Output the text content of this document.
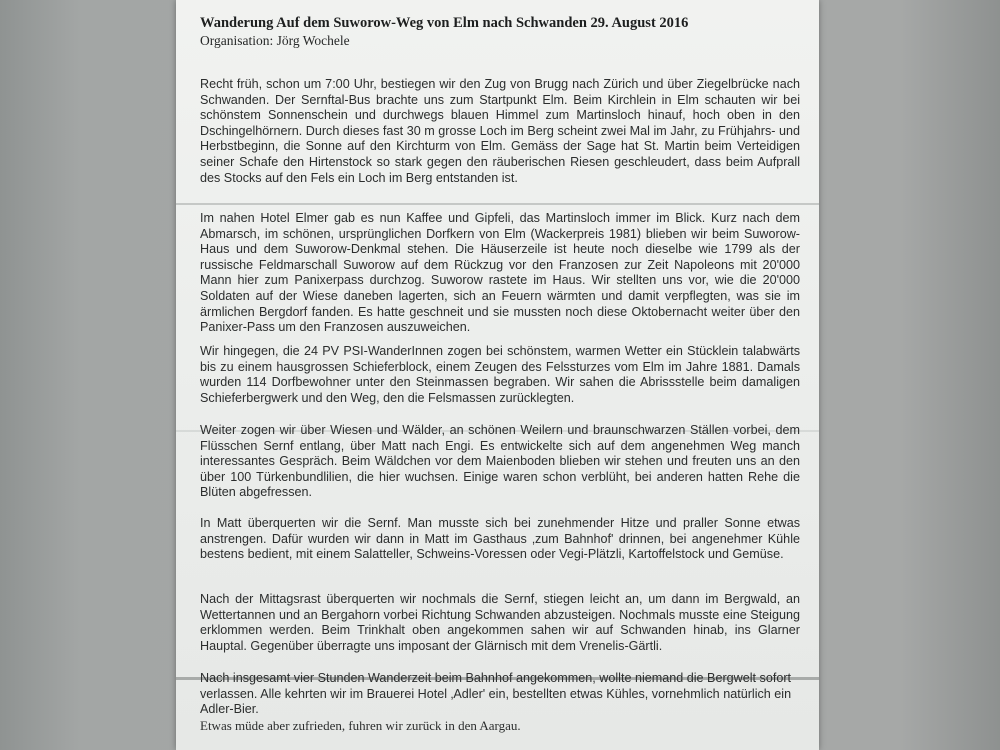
Wanderung Auf dem Suworow-Weg von Elm nach Schwanden 29. August 2016

Organisation: Jörg Wochele

Recht früh, schon um 7:00 Uhr, bestiegen wir den Zug von Brugg nach Zürich und über Ziegelbrücke nach Schwanden. Der Sernftal-Bus brachte uns zum Startpunkt Elm. Beim Kirchlein in Elm schauten wir bei schönstem Sonnenschein und durchwegs blauen Himmel zum Martinsloch hinauf, hoch oben in den Dschingelhörnern. Durch dieses fast 30 m grosse Loch im Berg scheint zwei Mal im Jahr, zu Frühjahrs- und Herbstbeginn, die Sonne auf den Kirchturm von Elm. Gemäss der Sage hat St. Martin beim Verteidigen seiner Schafe den Hirtenstock so stark gegen den räuberischen Riesen geschleudert, dass beim Aufprall des Stocks auf den Fels ein Loch im Berg entstanden ist.

Im nahen Hotel Elmer gab es nun Kaffee und Gipfeli, das Martinsloch immer im Blick. Kurz nach dem Abmarsch, im schönen, ursprünglichen Dorfkern von Elm (Wackerpreis 1981) blieben wir beim Suworow-Haus und dem Suworow-Denkmal stehen. Die Häuserzeile ist heute noch dieselbe wie 1799 als der russische Feldmarschall Suworow auf dem Rückzug vor den Franzosen zur Zeit Napoleons mit 20'000 Mann hier zum Panixerpass durchzog. Suworow rastete im Haus. Wir stellten uns vor, wie die 20'000 Soldaten auf der Wiese daneben lagerten, sich an Feuern wärmten und damit verpflegten, was sie im ärmlichen Bergdorf fanden. Es hatte geschneit und sie mussten noch diese Oktobernacht weiter über den Panixer-Pass um den Franzosen auszuweichen.

Wir hingegen, die 24 PV PSI-WanderInnen zogen bei schönstem, warmen Wetter ein Stücklein talabwärts bis zu einem hausgrossen Schieferblock, einem Zeugen des Felssturzes vom Elm im Jahre 1881. Damals wurden 114 Dorfbewohner unter den Steinmassen begraben. Wir sahen die Abrissstelle beim damaligen Schieferbergwerk und den Weg, den die Felsmassen zurücklegten.

Weiter zogen wir über Wiesen und Wälder, an schönen Weilern und braunschwarzen Ställen vorbei, dem Flüsschen Sernf entlang, über Matt nach Engi. Es entwickelte sich auf dem angenehmen Weg manch interessantes Gespräch. Beim Wäldchen vor dem Maienboden blieben wir stehen und freuten uns an den über 100 Türkenbundlilien, die hier wuchsen. Einige waren schon verblüht, bei anderen hatten Rehe die Blüten abgefressen.

In Matt überquerten wir die Sernf. Man musste sich bei zunehmender Hitze und praller Sonne etwas anstrengen. Dafür wurden wir dann in Matt im Gasthaus ‚zum Bahnhof' drinnen, bei angenehmer Kühle bestens bedient, mit einem Salatteller, Schweins-Voressen oder Vegi-Plätzli, Kartoffelstock und Gemüse.

Nach der Mittagsrast überquerten wir nochmals die Sernf, stiegen leicht an, um dann im Bergwald, an Wettertannen und an Bergahorn vorbei Richtung Schwanden abzusteigen. Nochmals musste eine Steigung erklommen werden. Beim Trinkhalt oben angekommen sahen wir auf Schwanden hinab, ins Glarner Hauptal. Gegenüber überragte uns imposant der Glärnisch mit dem Vrenelis-Gärtli.

Nach insgesamt vier Stunden Wanderzeit beim Bahnhof angekommen, wollte niemand die Bergwelt sofort verlassen. Alle kehrten wir im Brauerei Hotel ‚Adler' ein, bestellten etwas Kühles, vornehmlich natürlich ein Adler-Bier.

Etwas müde aber zufrieden, fuhren wir zurück in den Aargau.
